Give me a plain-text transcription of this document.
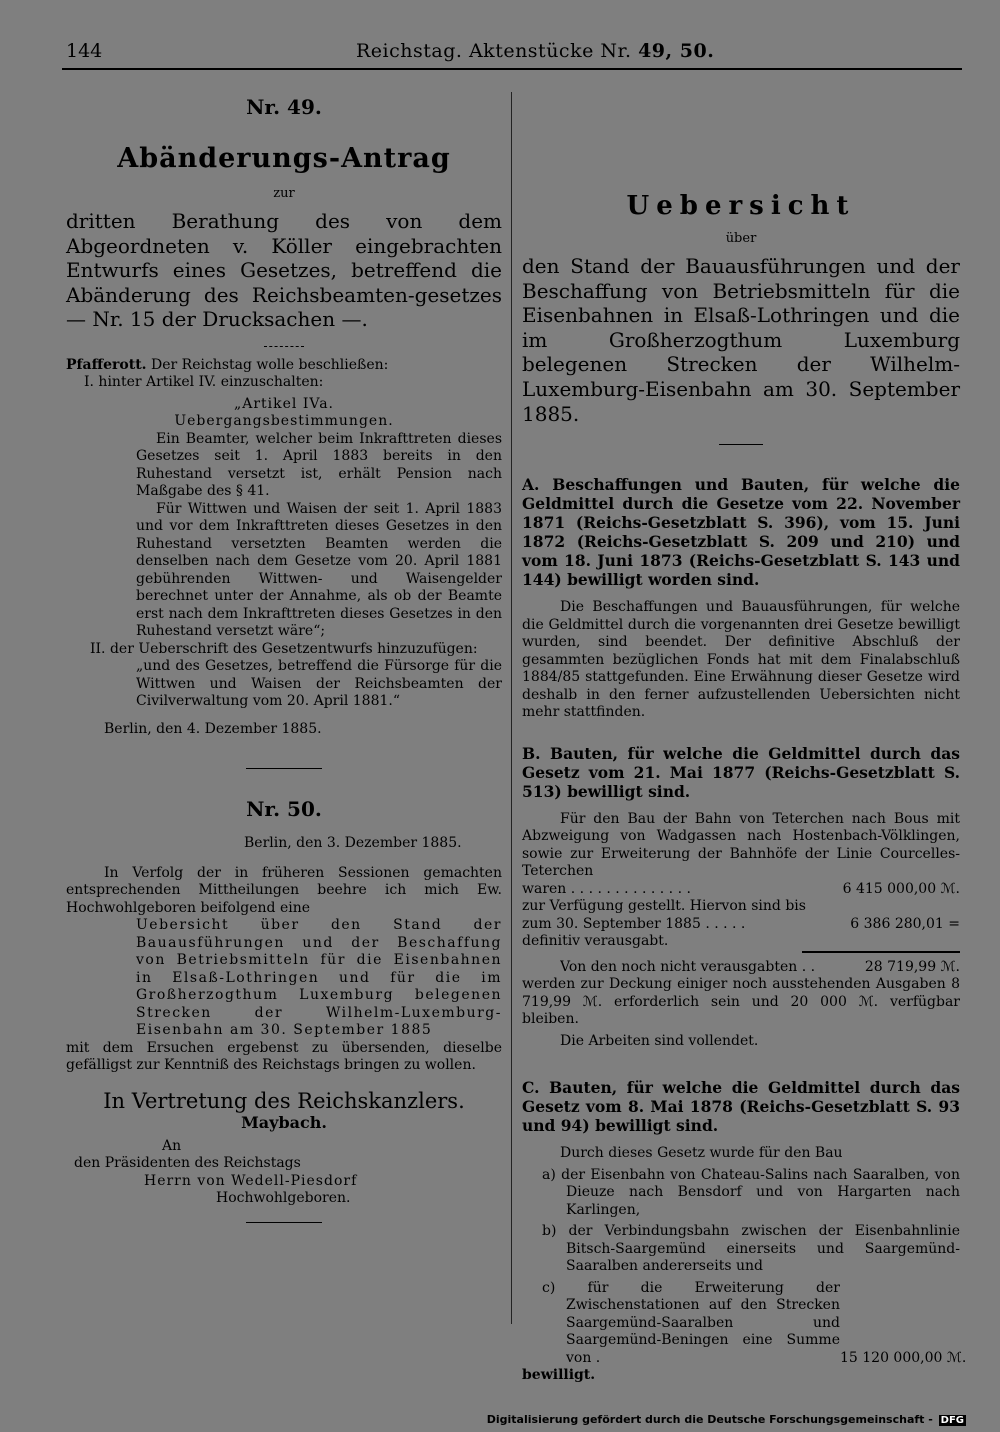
144	Reichstag. Aktenstücke Nr. 49, 50.

Nr. 49.

Abänderungs-Antrag

zur

dritten Berathung des von dem Abgeordneten v. Köller eingebrachten Entwurfs eines Gesetzes, betreffend die Abänderung des Reichsbeamten-gesetzes — Nr. 15 der Drucksachen —.

Pfafferott. Der Reichstag wolle beschließen:

I. hinter Artikel IV. einzuschalten:

„Artikel IVa.

Uebergangsbestimmungen.

Ein Beamter, welcher beim Inkrafttreten dieses Gesetzes seit 1. April 1883 bereits in den Ruhestand versetzt ist, erhält Pension nach Maßgabe des § 41.

Für Wittwen und Waisen der seit 1. April 1883 und vor dem Inkrafttreten dieses Gesetzes in den Ruhestand versetzten Beamten werden die denselben nach dem Gesetze vom 20. April 1881 gebührenden Wittwen- und Waisengelder berechnet unter der Annahme, als ob der Beamte erst nach dem Inkrafttreten dieses Gesetzes in den Ruhestand versetzt wäre“;

II. der Ueberschrift des Gesetzentwurfs hinzuzufügen:

„und des Gesetzes, betreffend die Fürsorge für die Wittwen und Waisen der Reichsbeamten der Civilverwaltung vom 20. April 1881.“

Berlin, den 4. Dezember 1885.

Nr. 50.

Berlin, den 3. Dezember 1885.

In Verfolg der in früheren Sessionen gemachten entsprechenden Mittheilungen beehre ich mich Ew. Hochwohlgeboren beifolgend eine

Uebersicht über den Stand der Bauausführungen und der Beschaffung von Betriebsmitteln für die Eisenbahnen in Elsaß-Lothringen und für die im Großherzogthum Luxemburg belegenen Strecken der Wilhelm-Luxemburg-Eisenbahn am 30. September 1885

mit dem Ersuchen ergebenst zu übersenden, dieselbe gefälligst zur Kenntniß des Reichstags bringen zu wollen.

In Vertretung des Reichskanzlers.

Maybach.

An

den Präsidenten des Reichstags

Herrn von Wedell-Piesdorf

Hochwohlgeboren.

Uebersicht

über

den Stand der Bauausführungen und der Beschaffung von Betriebsmitteln für die Eisenbahnen in Elsaß-Lothringen und die im Großherzogthum Luxemburg belegenen Strecken der Wilhelm-Luxemburg-Eisenbahn am 30. September 1885.

A. Beschaffungen und Bauten, für welche die Geldmittel durch die Gesetze vom 22. November 1871 (Reichs-Gesetzblatt S. 396), vom 15. Juni 1872 (Reichs-Gesetzblatt S. 209 und 210) und vom 18. Juni 1873 (Reichs-Gesetzblatt S. 143 und 144) bewilligt worden sind.

Die Beschaffungen und Bauausführungen, für welche die Geldmittel durch die vorgenannten drei Gesetze bewilligt wurden, sind beendet. Der definitive Abschluß der gesammten bezüglichen Fonds hat mit dem Finalabschluß 1884/85 stattgefunden. Eine Erwähnung dieser Gesetze wird deshalb in den ferner aufzustellenden Uebersichten nicht mehr stattfinden.

B. Bauten, für welche die Geldmittel durch das Gesetz vom 21. Mai 1877 (Reichs-Gesetzblatt S. 513) bewilligt sind.

Für den Bau der Bahn von Teterchen nach Bous mit Abzweigung von Wadgassen nach Hostenbach-Völklingen, sowie zur Erweiterung der Bahnhöfe der Linie Courcelles-Teterchen

waren . . . . . . . . . . . . . .	6 415 000,00 ℳ.

zur Verfügung gestellt. Hiervon sind bis

zum 30. September 1885 . . . . .	6 386 280,01 =

definitiv verausgabt.

Von den noch nicht verausgabten . .	28 719,99 ℳ.

werden zur Deckung einiger noch ausstehenden Ausgaben 8 719,99 ℳ. erforderlich sein und 20 000 ℳ. verfügbar bleiben.

Die Arbeiten sind vollendet.

C. Bauten, für welche die Geldmittel durch das Gesetz vom 8. Mai 1878 (Reichs-Gesetzblatt S. 93 und 94) bewilligt sind.

Durch dieses Gesetz wurde für den Bau

a) der Eisenbahn von Chateau-Salins nach Saaralben, von Dieuze nach Bensdorf und von Hargarten nach Karlingen,

b) der Verbindungsbahn zwischen der Eisenbahnlinie Bitsch-Saargemünd einerseits und Saargemünd-Saaralben andererseits und

c) für die Erweiterung der Zwischenstationen auf den Strecken Saargemünd-Saaralben und Saargemünd-Beningen eine Summe von .	15 120 000,00 ℳ.

bewilligt.

Digitalisierung gefördert durch die Deutsche Forschungsgemeinschaft - DFG
